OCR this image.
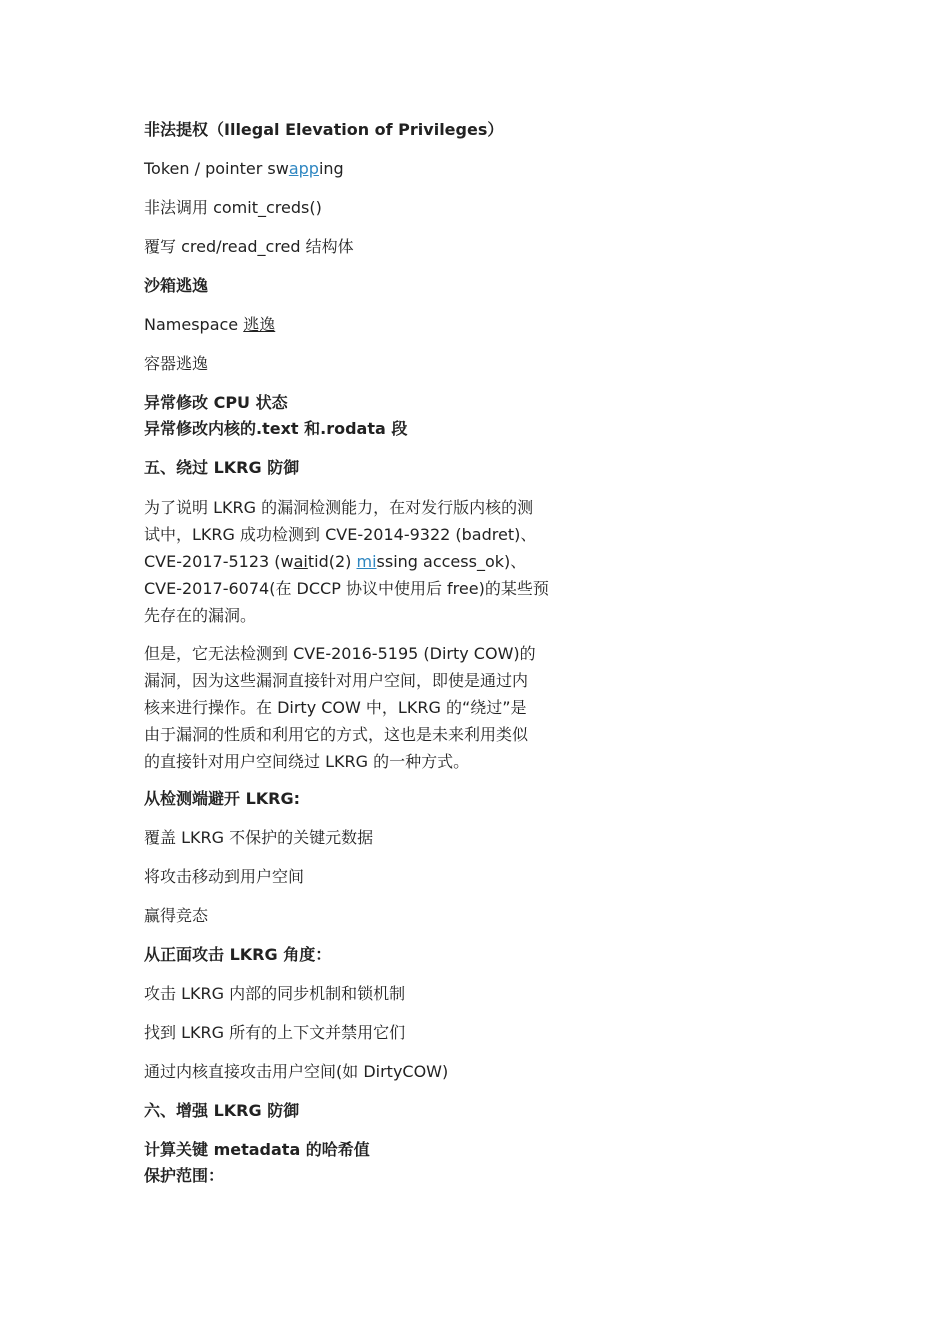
非法提权（Illegal Elevation of Privileges）
Token / pointer swapping
非法调用 comit_creds()
覆写 cred/read_cred 结构体
沙箱逃逸
Namespace 逃逸
容器逃逸
异常修改 CPU 状态
异常修改内核的.text 和.rodata 段
五、绕过 LKRG 防御
为了说明 LKRG 的漏洞检测能力，在对发行版内核的测
试中，LKRG 成功检测到 CVE-2014-9322 (badret)、
CVE-2017-5123 (waitid(2) missing access_ok)、
CVE-2017-6074(在 DCCP 协议中使用后 free)的某些预
先存在的漏洞。
但是，它无法检测到 CVE-2016-5195 (Dirty COW)的
漏洞，因为这些漏洞直接针对用户空间，即使是通过内
核来进行操作。在 Dirty COW 中，LKRG 的“绕过”是
由于漏洞的性质和利用它的方式，这也是未来利用类似
的直接针对用户空间绕过 LKRG 的一种方式。
从检测端避开 LKRG:
覆盖 LKRG 不保护的关键元数据
将攻击移动到用户空间
赢得竞态
从正面攻击 LKRG 角度：
攻击 LKRG 内部的同步机制和锁机制
找到 LKRG 所有的上下文并禁用它们
通过内核直接攻击用户空间(如 DirtyCOW)
六、增强 LKRG 防御
计算关键 metadata 的哈希值
保护范围：
